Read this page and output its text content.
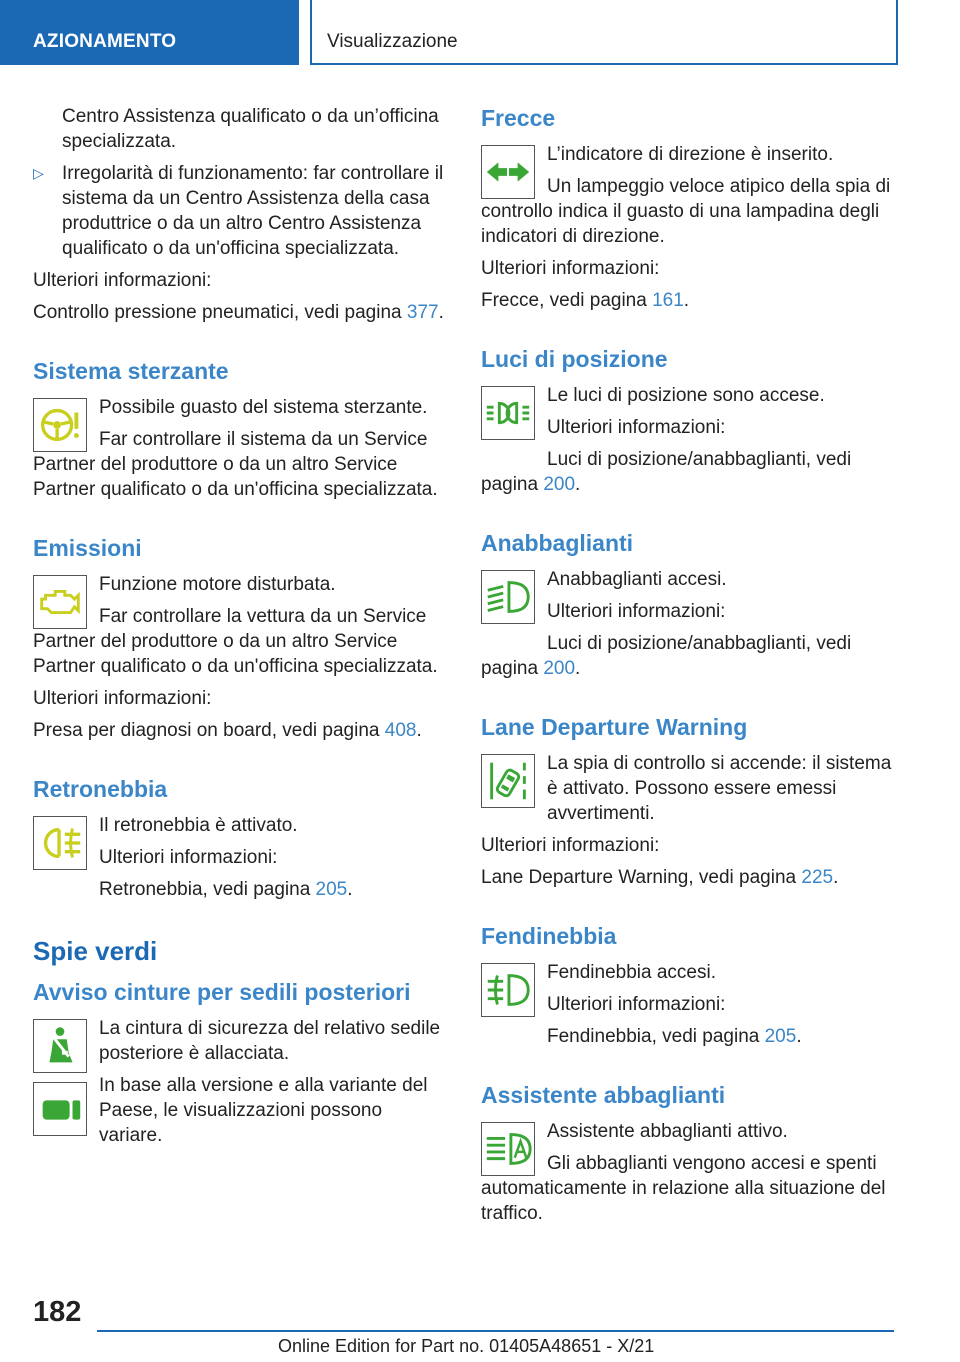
AZIONAMENTO	Visualizzazione

Centro Assistenza qualificato o da un’officina specializzata.

▷ Irregolarità di funzionamento: far controllare il sistema da un Centro Assistenza della casa produttrice o da un altro Centro Assistenza qualificato o da un'officina specializzata.

Ulteriori informazioni:

Controllo pressione pneumatici, vedi pagina 377.

Sistema sterzante

Possibile guasto del sistema sterzante.

Far controllare il sistema da un Service Partner del produttore o da un altro Service Partner qualificato o da un'officina specializzata.

Emissioni

Funzione motore disturbata.

Far controllare la vettura da un Service Partner del produttore o da un altro Service Partner qualificato o da un'officina specializzata.

Ulteriori informazioni:

Presa per diagnosi on board, vedi pagina 408.

Retronebbia

Il retronebbia è attivato.

Ulteriori informazioni:

Retronebbia, vedi pagina 205.

Spie verdi
Avviso cinture per sedili posteriori

La cintura di sicurezza del relativo sedile posteriore è allacciata.

In base alla versione e alla variante del Paese, le visualizzazioni possono variare.

Frecce

L’indicatore di direzione è inserito.

Un lampeggio veloce atipico della spia di controllo indica il guasto di una lampadina degli indicatori di direzione.

Ulteriori informazioni:

Frecce, vedi pagina 161.

Luci di posizione

Le luci di posizione sono accese.

Ulteriori informazioni:

Luci di posizione/anabbaglianti, vedi pagina 200.

Anabbaglianti

Anabbaglianti accesi.

Ulteriori informazioni:

Luci di posizione/anabbaglianti, vedi pagina 200.

Lane Departure Warning

La spia di controllo si accende: il sistema è attivato. Possono essere emessi avvertimenti.

Ulteriori informazioni:

Lane Departure Warning, vedi pagina 225.

Fendinebbia

Fendinebbia accesi.

Ulteriori informazioni:

Fendinebbia, vedi pagina 205.

Assistente abbaglianti

Assistente abbaglianti attivo.

Gli abbaglianti vengono accesi e spenti automaticamente in relazione alla situazione del traffico.

182
Online Edition for Part no. 01405A48651 - X/21
